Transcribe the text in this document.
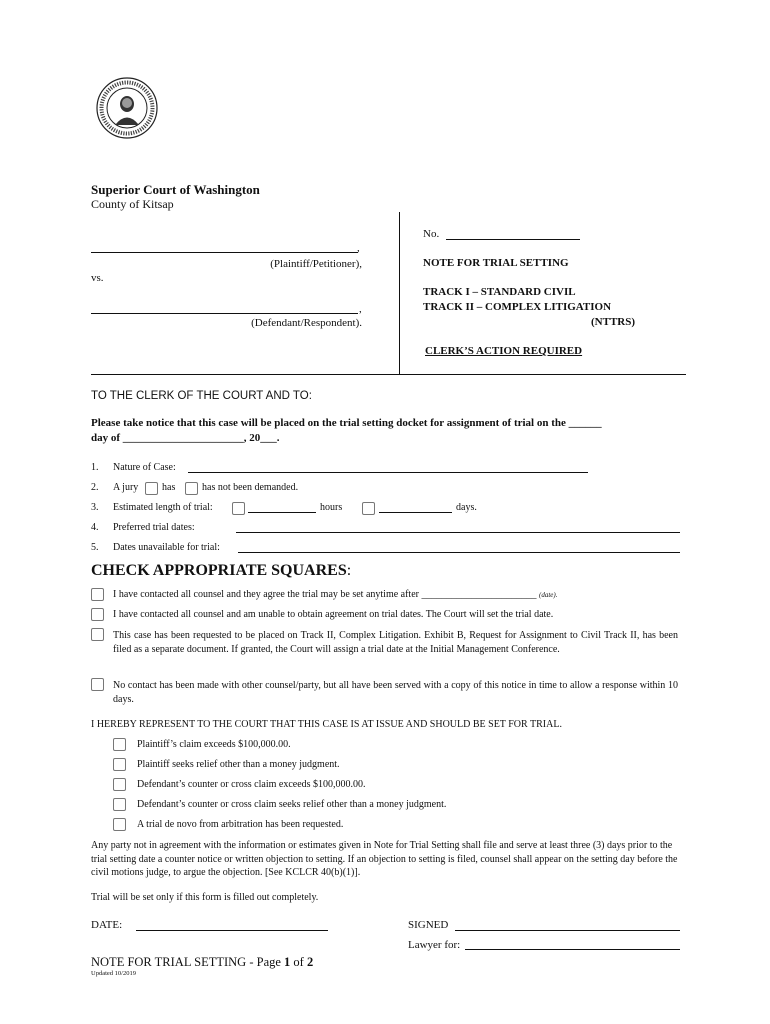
Superior Court of Washington
County of Kitsap
,
(Plaintiff/Petitioner),
vs.
,
(Defendant/Respondent).
No.
NOTE FOR TRIAL SETTING
TRACK I – STANDARD CIVIL
TRACK II – COMPLEX LITIGATION
(NTTRS)
CLERK’S ACTION REQUIRED
TO THE CLERK OF THE COURT AND TO:
Please take notice that this case will be placed on the trial setting docket for assignment of trial on the ______
day of ______________________, 20___.
1. Nature of Case:
2. A jury has	has not been demanded.
3. Estimated length of trial:	hours	days.
4. Preferred trial dates:
5. Dates unavailable for trial:
CHECK APPROPRIATE SQUARES:
I have contacted all counsel and they agree the trial may be set anytime after _______________________ (date).
I have contacted all counsel and am unable to obtain agreement on trial dates. The Court will set the trial date.
This case has been requested to be placed on Track II, Complex Litigation. Exhibit B, Request for Assignment to Civil Track II, has been filed as a separate document. If granted, the Court will assign a trial date at the Initial Management Conference.
No contact has been made with other counsel/party, but all have been served with a copy of this notice in time to allow a response within 10 days.
I HEREBY REPRESENT TO THE COURT THAT THIS CASE IS AT ISSUE AND SHOULD BE SET FOR TRIAL.
Plaintiff’s claim exceeds $100,000.00.
Plaintiff seeks relief other than a money judgment.
Defendant’s counter or cross claim exceeds $100,000.00.
Defendant’s counter or cross claim seeks relief other than a money judgment.
A trial de novo from arbitration has been requested.
Any party not in agreement with the information or estimates given in Note for Trial Setting shall file and serve at least three (3) days prior to the trial setting date a counter notice or written objection to setting. If an objection to setting is filed, counsel shall appear on the setting day before the civil motions judge, to argue the objection. [See KCLCR 40(b)(1)].
Trial will be set only if this form is filled out completely.
DATE:	SIGNED
Lawyer for:
NOTE FOR TRIAL SETTING - Page 1 of 2
Updated 10/2019
